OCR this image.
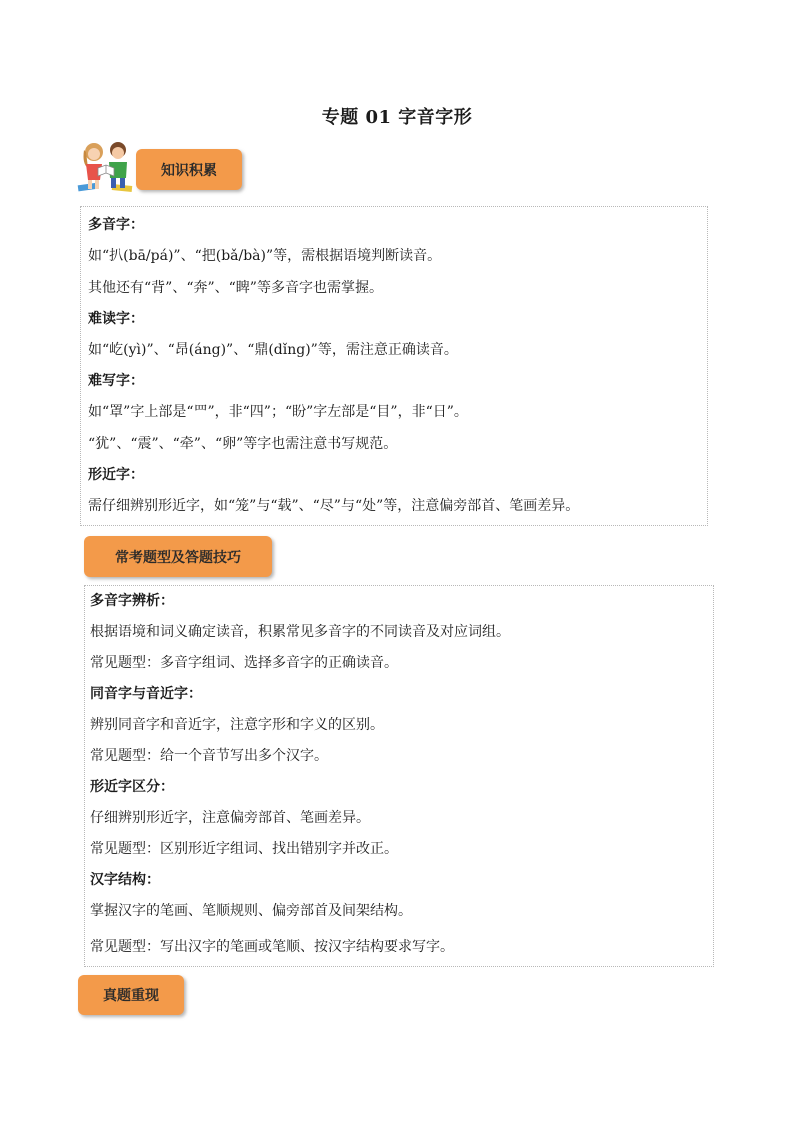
专题 01 字音字形
知识积累
多音字：
如“扒(bā/pá)”、“把(bǎ/bà)”等，需根据语境判断读音。
其他还有“背”、“奔”、“睥”等多音字也需掌握。
难读字：
如“屹(yì)”、“昂(áng)”、“鼎(dǐng)”等，需注意正确读音。
难写字：
如“罩”字上部是“罒”，非“四”；“盼”字左部是“目”，非“日”。
“犹”、“震”、“牵”、“卵”等字也需注意书写规范。
形近字：
需仔细辨别形近字，如“笼”与“载”、“尽”与“处”等，注意偏旁部首、笔画差异。
常考题型及答题技巧
多音字辨析：
根据语境和词义确定读音，积累常见多音字的不同读音及对应词组。
常见题型：多音字组词、选择多音字的正确读音。
同音字与音近字：
辨别同音字和音近字，注意字形和字义的区别。
常见题型：给一个音节写出多个汉字。
形近字区分：
仔细辨别形近字，注意偏旁部首、笔画差异。
常见题型：区别形近字组词、找出错别字并改正。
汉字结构：
掌握汉字的笔画、笔顺规则、偏旁部首及间架结构。
常见题型：写出汉字的笔画或笔顺、按汉字结构要求写字。
真题重现
